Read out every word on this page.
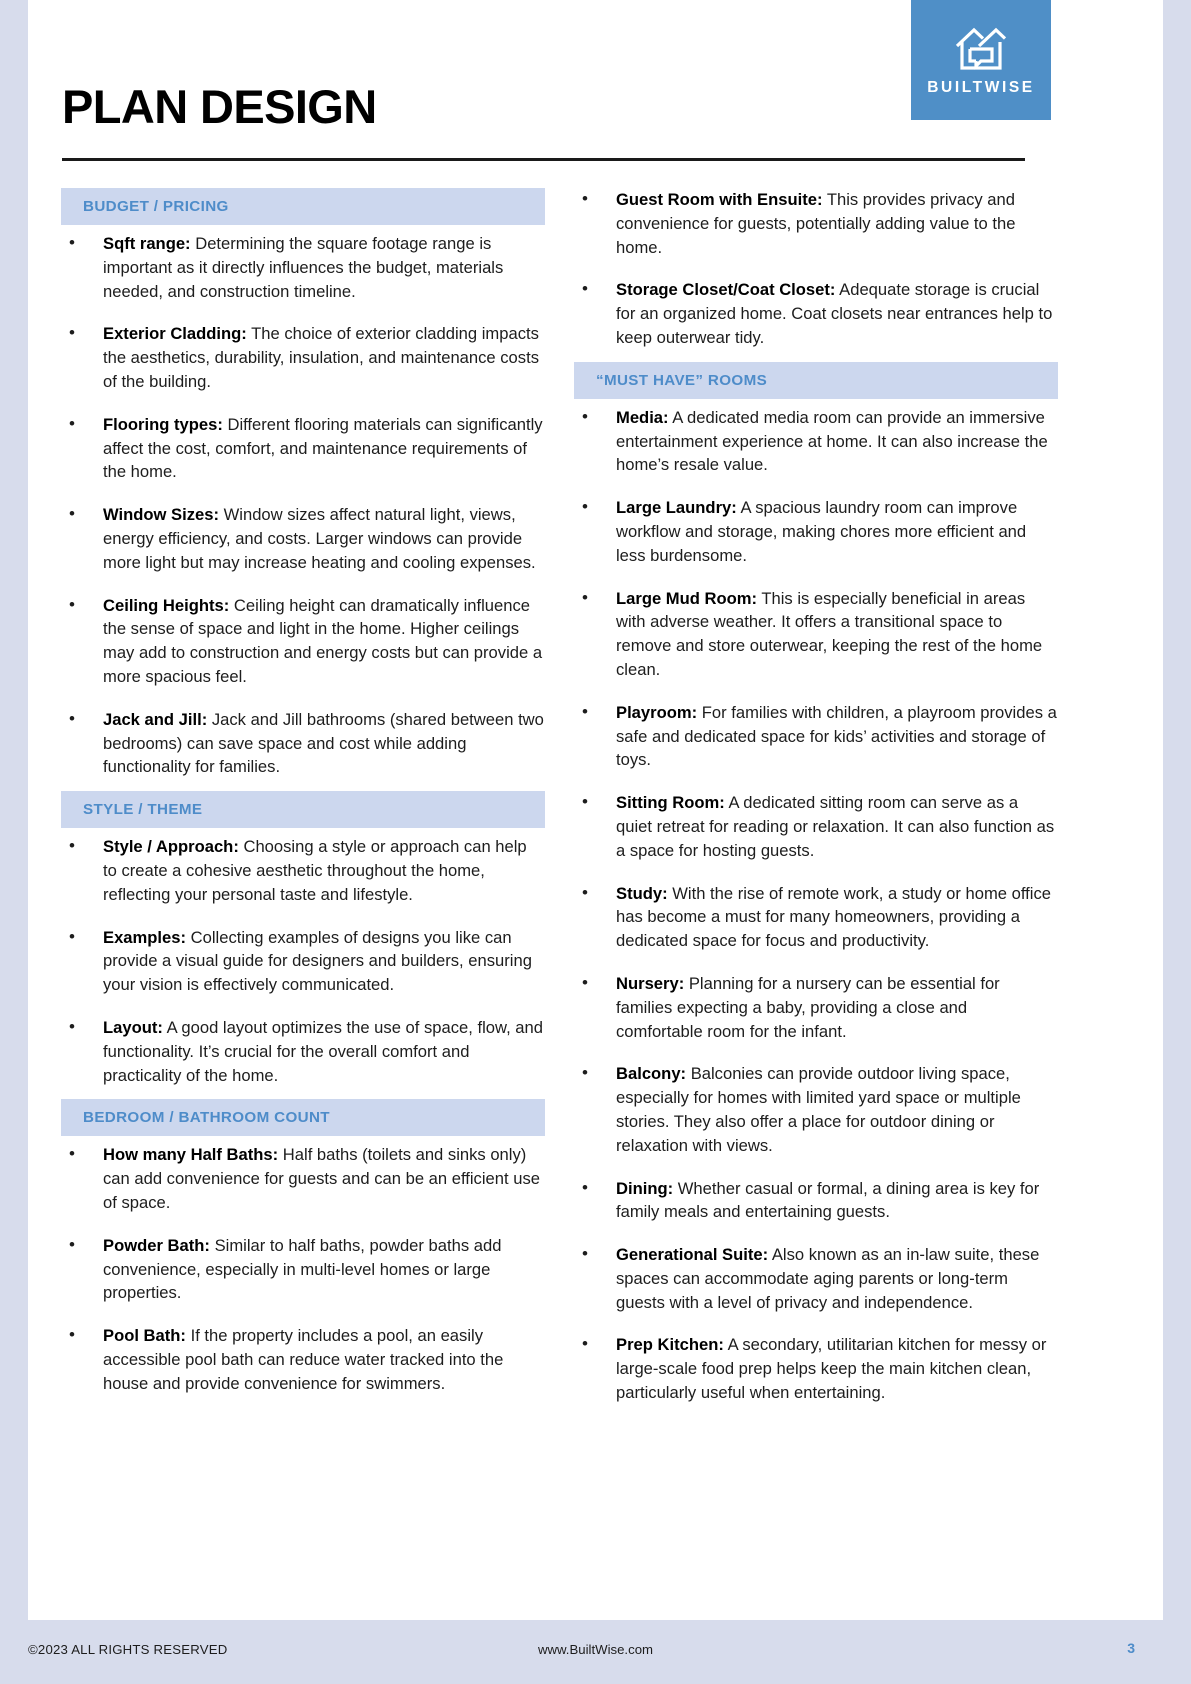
BUILTWISE
PLAN DESIGN
BUDGET / PRICING
• Sqft range: Determining the square footage range is important as it directly influences the budget, materials needed, and construction timeline.
• Exterior Cladding: The choice of exterior cladding impacts the aesthetics, durability, insulation, and maintenance costs of the building.
• Flooring types: Different flooring materials can significantly affect the cost, comfort, and maintenance requirements of the home.
• Window Sizes: Window sizes affect natural light, views, energy efficiency, and costs. Larger windows can provide more light but may increase heating and cooling expenses.
• Ceiling Heights: Ceiling height can dramatically influence the sense of space and light in the home. Higher ceilings may add to construction and energy costs but can provide a more spacious feel.
• Jack and Jill: Jack and Jill bathrooms (shared between two bedrooms) can save space and cost while adding functionality for families.
STYLE / THEME
• Style / Approach: Choosing a style or approach can help to create a cohesive aesthetic throughout the home, reflecting your personal taste and lifestyle.
• Examples: Collecting examples of designs you like can provide a visual guide for designers and builders, ensuring your vision is effectively communicated.
• Layout: A good layout optimizes the use of space, flow, and functionality. It’s crucial for the overall comfort and practicality of the home.
BEDROOM / BATHROOM COUNT
• How many Half Baths: Half baths (toilets and sinks only) can add convenience for guests and can be an efficient use of space.
• Powder Bath: Similar to half baths, powder baths add convenience, especially in multi-level homes or large properties.
• Pool Bath: If the property includes a pool, an easily accessible pool bath can reduce water tracked into the house and provide convenience for swimmers.
• Guest Room with Ensuite: This provides privacy and convenience for guests, potentially adding value to the home.
• Storage Closet/Coat Closet: Adequate storage is crucial for an organized home. Coat closets near entrances help to keep outerwear tidy.
“MUST HAVE” ROOMS
• Media: A dedicated media room can provide an immersive entertainment experience at home. It can also increase the home’s resale value.
• Large Laundry: A spacious laundry room can improve workflow and storage, making chores more efficient and less burdensome.
• Large Mud Room: This is especially beneficial in areas with adverse weather. It offers a transitional space to remove and store outerwear, keeping the rest of the home clean.
• Playroom: For families with children, a playroom provides a safe and dedicated space for kids’ activities and storage of toys.
• Sitting Room: A dedicated sitting room can serve as a quiet retreat for reading or relaxation. It can also function as a space for hosting guests.
• Study: With the rise of remote work, a study or home office has become a must for many homeowners, providing a dedicated space for focus and productivity.
• Nursery: Planning for a nursery can be essential for families expecting a baby, providing a close and comfortable room for the infant.
• Balcony: Balconies can provide outdoor living space, especially for homes with limited yard space or multiple stories. They also offer a place for outdoor dining or relaxation with views.
• Dining: Whether casual or formal, a dining area is key for family meals and entertaining guests.
• Generational Suite: Also known as an in-law suite, these spaces can accommodate aging parents or long-term guests with a level of privacy and independence.
• Prep Kitchen: A secondary, utilitarian kitchen for messy or large-scale food prep helps keep the main kitchen clean, particularly useful when entertaining.
©2023 ALL RIGHTS RESERVED	www.BuiltWise.com	3
